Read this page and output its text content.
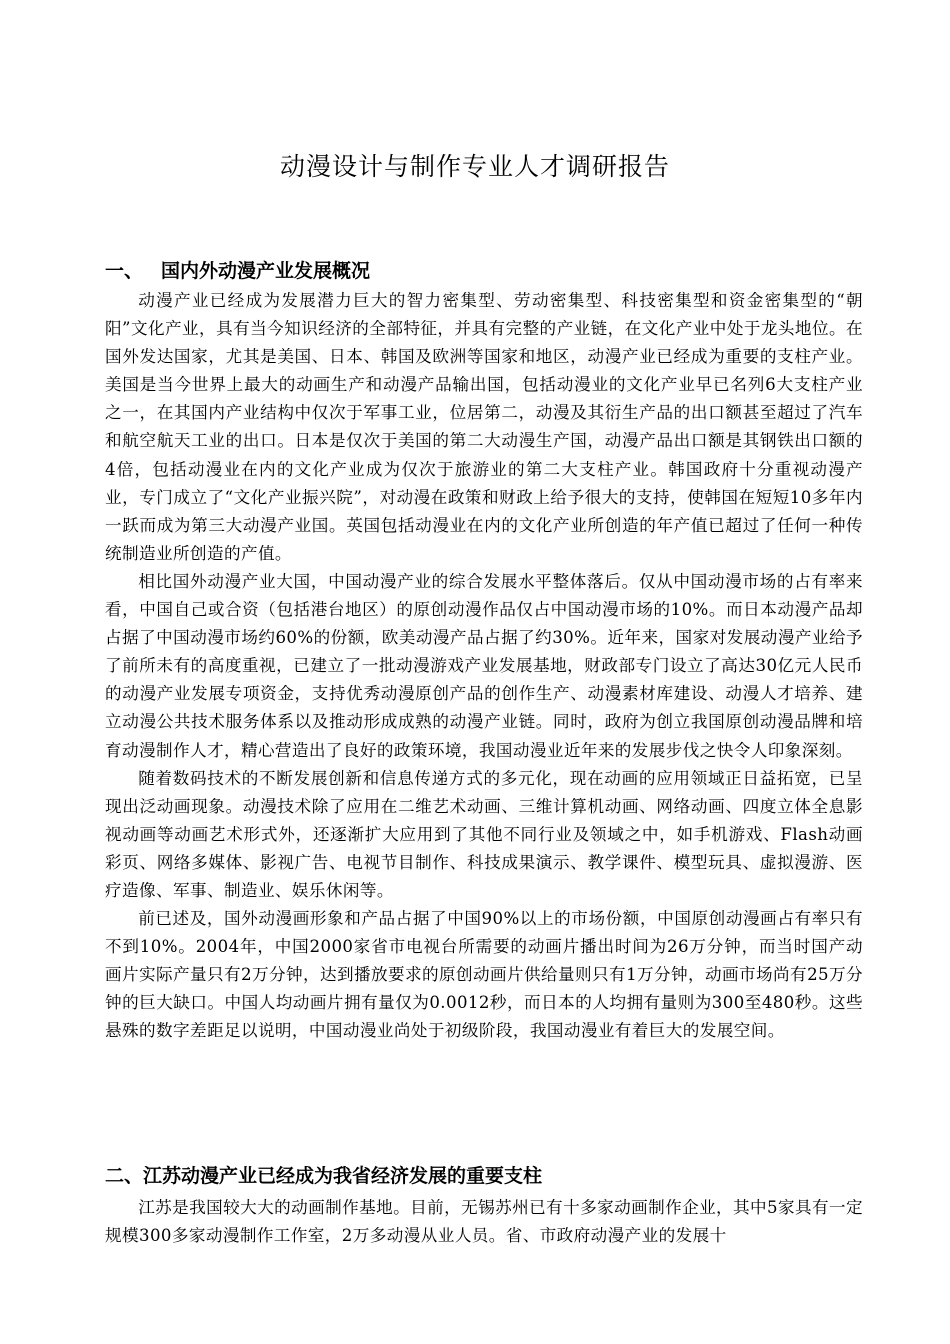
动漫设计与制作专业人才调研报告
一、 国内外动漫产业发展概况

动漫产业已经成为发展潜力巨大的智力密集型、劳动密集型、科技密集型和资金密集型的“朝阳”文化产业，具有当今知识经济的全部特征，并具有完整的产业链，在文化产业中处于龙头地位。在国外发达国家，尤其是美国、日本、韩国及欧洲等国家和地区，动漫产业已经成为重要的支柱产业。美国是当今世界上最大的动画生产和动漫产品输出国，包括动漫业的文化产业早已名列6大支柱产业之一，在其国内产业结构中仅次于军事工业，位居第二，动漫及其衍生产品的出口额甚至超过了汽车和航空航天工业的出口。日本是仅次于美国的第二大动漫生产国，动漫产品出口额是其钢铁出口额的4倍，包括动漫业在内的文化产业成为仅次于旅游业的第二大支柱产业。韩国政府十分重视动漫产业，专门成立了“文化产业振兴院”，对动漫在政策和财政上给予很大的支持，使韩国在短短10多年内一跃而成为第三大动漫产业国。英国包括动漫业在内的文化产业所创造的年产值已超过了任何一种传统制造业所创造的产值。

相比国外动漫产业大国，中国动漫产业的综合发展水平整体落后。仅从中国动漫市场的占有率来看，中国自己或合资（包括港台地区）的原创动漫作品仅占中国动漫市场的10%。而日本动漫产品却占据了中国动漫市场约60%的份额，欧美动漫产品占据了约30%。近年来，国家对发展动漫产业给予了前所未有的高度重视，已建立了一批动漫游戏产业发展基地，财政部专门设立了高达30亿元人民币的动漫产业发展专项资金，支持优秀动漫原创产品的创作生产、动漫素材库建设、动漫人才培养、建立动漫公共技术服务体系以及推动形成成熟的动漫产业链。同时，政府为创立我国原创动漫品牌和培育动漫制作人才，精心营造出了良好的政策环境，我国动漫业近年来的发展步伐之快令人印象深刻。

随着数码技术的不断发展创新和信息传递方式的多元化，现在动画的应用领域正日益拓宽，已呈现出泛动画现象。动漫技术除了应用在二维艺术动画、三维计算机动画、网络动画、四度立体全息影视动画等动画艺术形式外，还逐渐扩大应用到了其他不同行业及领域之中，如手机游戏、Flash动画彩页、网络多媒体、影视广告、电视节目制作、科技成果演示、教学课件、模型玩具、虚拟漫游、医疗造像、军事、制造业、娱乐休闲等。

前已述及，国外动漫画形象和产品占据了中国90%以上的市场份额，中国原创动漫画占有率只有不到10%。2004年，中国2000家省市电视台所需要的动画片播出时间为26万分钟，而当时国产动画片实际产量只有2万分钟，达到播放要求的原创动画片供给量则只有1万分钟，动画市场尚有25万分钟的巨大缺口。中国人均动画片拥有量仅为0.0012秒，而日本的人均拥有量则为300至480秒。这些悬殊的数字差距足以说明，中国动漫业尚处于初级阶段，我国动漫业有着巨大的发展空间。

二、江苏动漫产业已经成为我省经济发展的重要支柱

江苏是我国较大大的动画制作基地。目前，无锡苏州已有十多家动画制作企业，其中5家具有一定规模300多家动漫制作工作室，2万多动漫从业人员。省、市政府动漫产业的发展十
